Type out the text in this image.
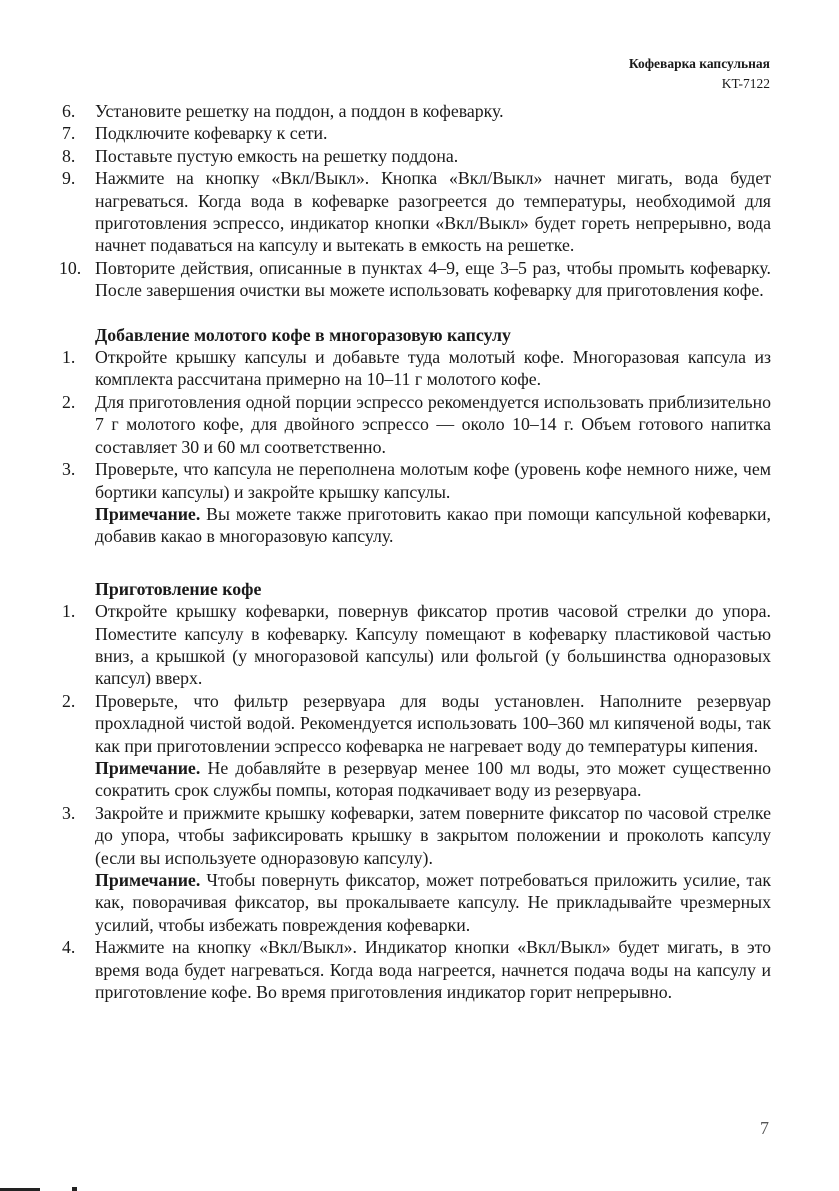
Кофеварка капсульная
KT-7122
6. Установите решетку на поддон, а поддон в кофеварку.
7. Подключите кофеварку к сети.
8. Поставьте пустую емкость на решетку поддона.
9. Нажмите на кнопку «Вкл/Выкл». Кнопка «Вкл/Выкл» начнет мигать, вода будет нагреваться. Когда вода в кофеварке разогреется до температуры, необходимой для приготовления эспрессо, индикатор кнопки «Вкл/Выкл» будет гореть непрерывно, вода начнет подаваться на капсулу и вытекать в емкость на решетке.
10. Повторите действия, описанные в пунктах 4–9, еще 3–5 раз, чтобы промыть кофеварку. После завершения очистки вы можете использовать кофеварку для приготовления кофе.
Добавление молотого кофе в многоразовую капсулу
1. Откройте крышку капсулы и добавьте туда молотый кофе. Многоразовая капсула из комплекта рассчитана примерно на 10–11 г молотого кофе.
2. Для приготовления одной порции эспрессо рекомендуется использовать приблизительно 7 г молотого кофе, для двойного эспрессо — около 10–14 г. Объем готового напитка составляет 30 и 60 мл соответственно.
3. Проверьте, что капсула не переполнена молотым кофе (уровень кофе немного ниже, чем бортики капсулы) и закройте крышку капсулы.
Примечание. Вы можете также приготовить какао при помощи капсульной кофеварки, добавив какао в многоразовую капсулу.
Приготовление кофе
1. Откройте крышку кофеварки, повернув фиксатор против часовой стрелки до упора. Поместите капсулу в кофеварку. Капсулу помещают в кофеварку пластиковой частью вниз, а крышкой (у многоразовой капсулы) или фольгой (у большинства одноразовых капсул) вверх.
2. Проверьте, что фильтр резервуара для воды установлен. Наполните резервуар прохладной чистой водой. Рекомендуется использовать 100–360 мл кипяченой воды, так как при приготовлении эспрессо кофеварка не нагревает воду до температуры кипения.
Примечание. Не добавляйте в резервуар менее 100 мл воды, это может существенно сократить срок службы помпы, которая подкачивает воду из резервуара.
3. Закройте и прижмите крышку кофеварки, затем поверните фиксатор по часовой стрелке до упора, чтобы зафиксировать крышку в закрытом положении и проколоть капсулу (если вы используете одноразовую капсулу).
Примечание. Чтобы повернуть фиксатор, может потребоваться приложить усилие, так как, поворачивая фиксатор, вы прокалываете капсулу. Не прикладывайте чрезмерных усилий, чтобы избежать повреждения кофеварки.
4. Нажмите на кнопку «Вкл/Выкл». Индикатор кнопки «Вкл/Выкл» будет мигать, в это время вода будет нагреваться. Когда вода нагреется, начнется подача воды на капсулу и приготовление кофе. Во время приготовления индикатор горит непрерывно.
7
